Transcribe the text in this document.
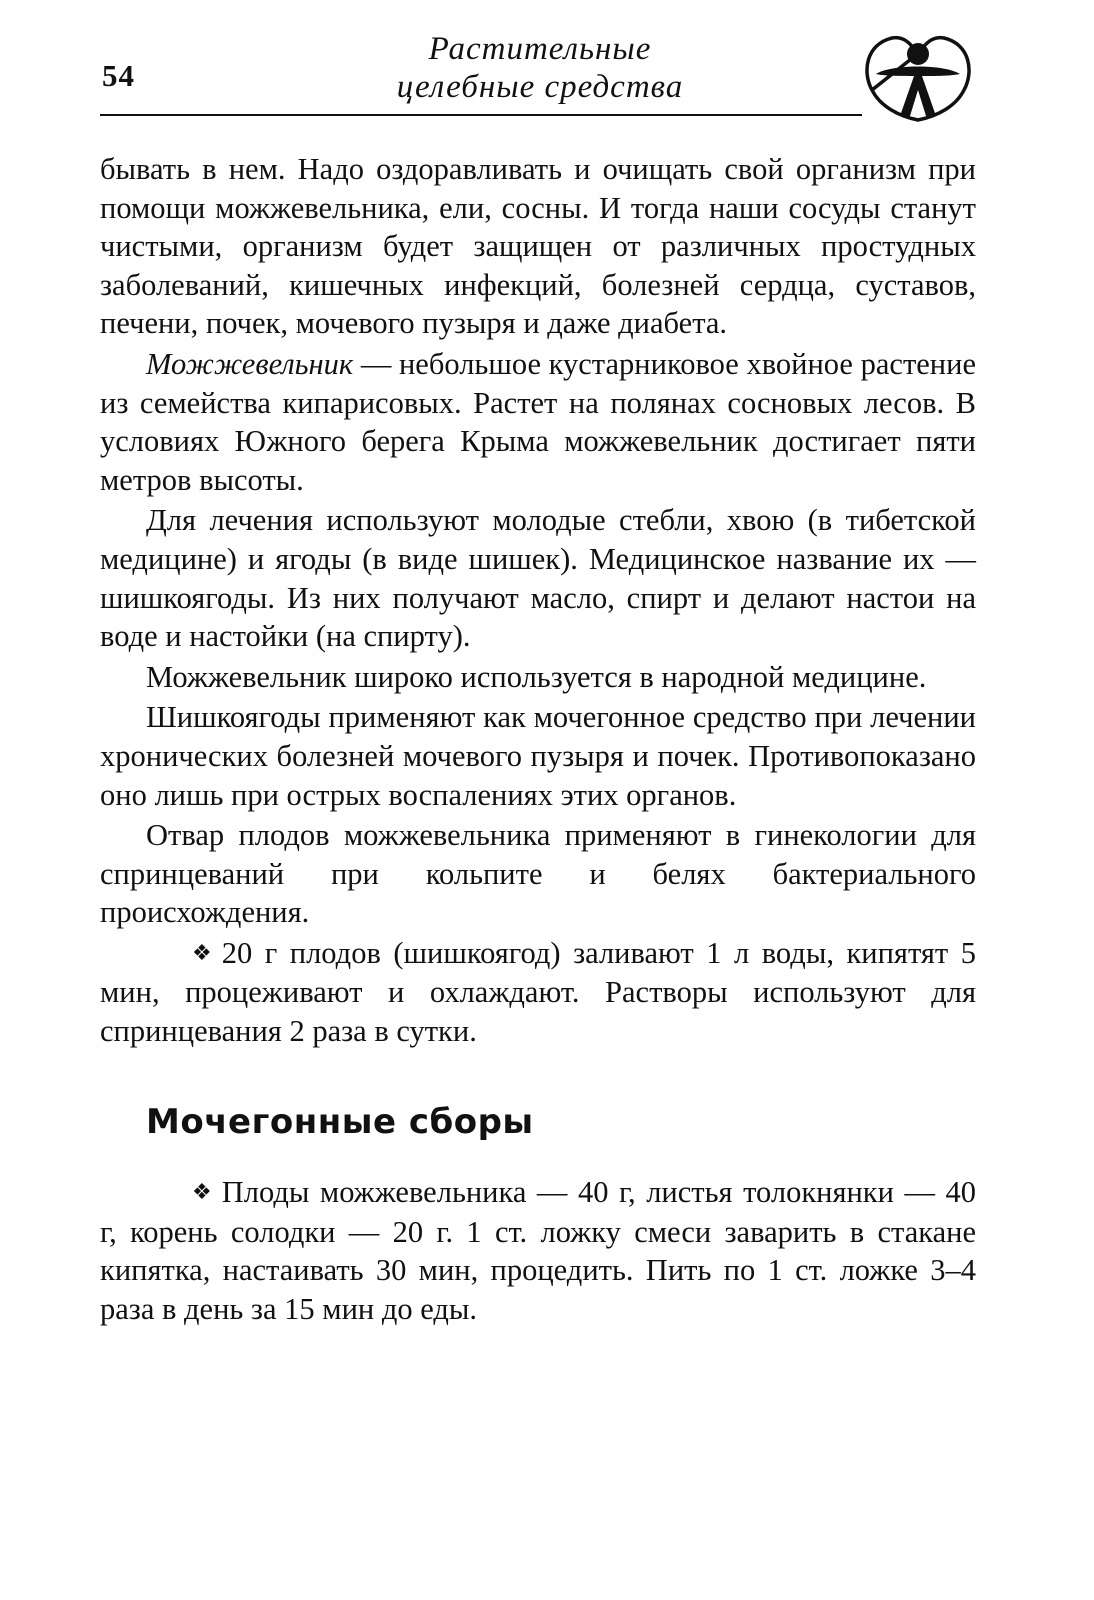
54
Растительные
целебные средства

бывать в нем. Надо оздоравливать и очищать свой организм при помощи можжевельника, ели, сосны. И тогда наши сосуды станут чистыми, организм будет защищен от различных простудных заболеваний, кишечных инфекций, болезней сердца, суставов, печени, почек, мочевого пузыря и даже диабета.

Можжевельник — небольшое кустарниковое хвойное растение из семейства кипарисовых. Растет на полянах сосновых лесов. В условиях Южного берега Крыма можжевельник достигает пяти метров высоты.

Для лечения используют молодые стебли, хвою (в тибетской медицине) и ягоды (в виде шишек). Медицинское название их — шишкоягоды. Из них получают масло, спирт и делают настои на воде и настойки (на спирту).

Можжевельник широко используется в народной медицине.

Шишкоягоды применяют как мочегонное средство при лечении хронических болезней мочевого пузыря и почек. Противопоказано оно лишь при острых воспалениях этих органов.

Отвар плодов можжевельника применяют в гинекологии для спринцеваний при кольпите и белях бактериального происхождения.

❖ 20 г плодов (шишкоягод) заливают 1 л воды, кипятят 5 мин, процеживают и охлаждают. Растворы используют для спринцевания 2 раза в сутки.

Мочегонные сборы

❖ Плоды можжевельника — 40 г, листья толокнянки — 40 г, корень солодки — 20 г. 1 ст. ложку смеси заварить в стакане кипятка, настаивать 30 мин, процедить. Пить по 1 ст. ложке 3–4 раза в день за 15 мин до еды.
